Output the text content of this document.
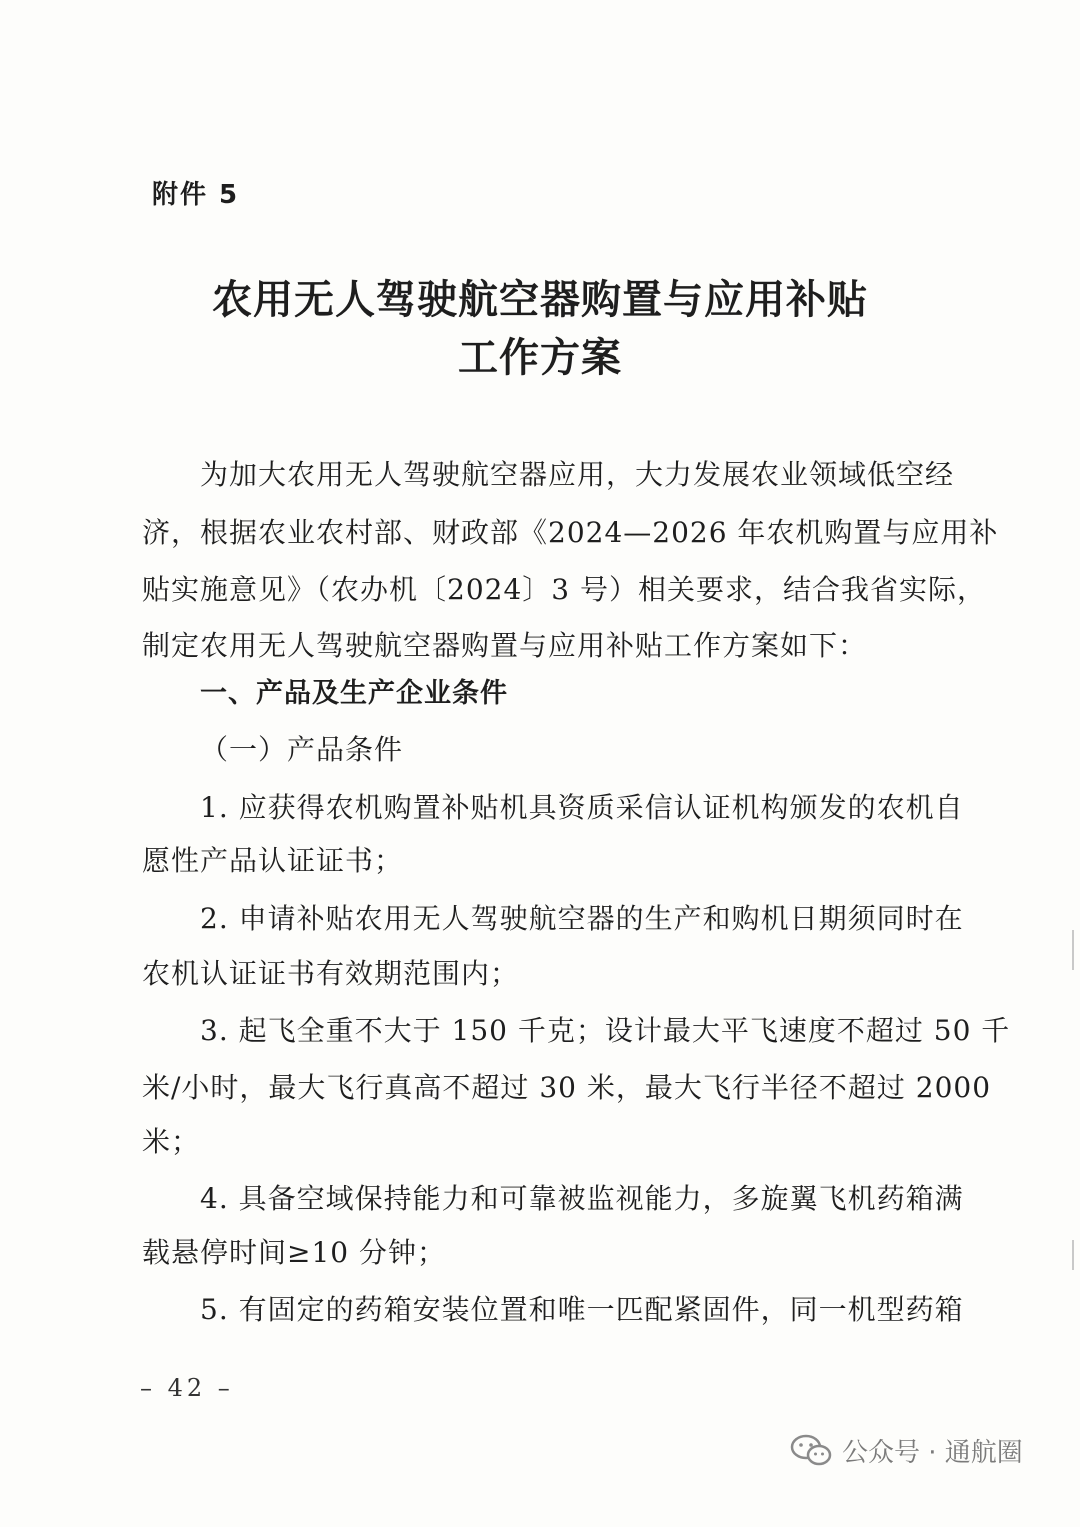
附件 5
农用无人驾驶航空器购置与应用补贴
工作方案
为加大农用无人驾驶航空器应用，大力发展农业领域低空经
济，根据农业农村部、财政部《2024—2026 年农机购置与应用补
贴实施意见》（农办机〔2024〕3 号）相关要求，结合我省实际，
制定农用无人驾驶航空器购置与应用补贴工作方案如下：
一、产品及生产企业条件
（一）产品条件
1. 应获得农机购置补贴机具资质采信认证机构颁发的农机自
愿性产品认证证书；
2. 申请补贴农用无人驾驶航空器的生产和购机日期须同时在
农机认证证书有效期范围内；
3. 起飞全重不大于 150 千克；设计最大平飞速度不超过 50 千
米/小时，最大飞行真高不超过 30 米，最大飞行半径不超过 2000
米；
4. 具备空域保持能力和可靠被监视能力，多旋翼飞机药箱满
载悬停时间≥10 分钟；
5. 有固定的药箱安装位置和唯一匹配紧固件，同一机型药箱
– 42 –
公众号 · 通航圈
